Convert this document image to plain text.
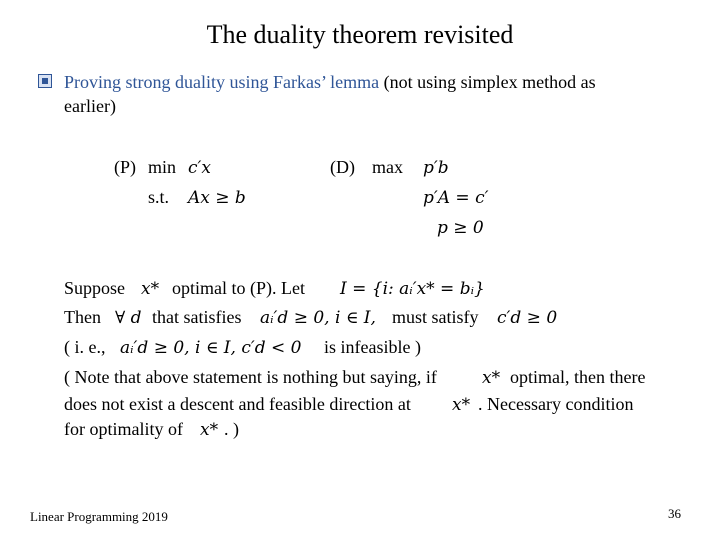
The duality theorem revisited
Proving strong duality using Farkas’ lemma (not using simplex method as
earlier)
(P) min c′x
s.t. Ax ≥ b
(D) max p′b
p′A = c′
p ≥ 0
Suppose x* optimal to (P). Let I = {i: aᵢ′x* = bᵢ}
Then ∀ d that satisfies aᵢ′d ≥ 0, i ∈ I, must satisfy c′d ≥ 0
( i. e., aᵢ′d ≥ 0, i ∈ I, c′d < 0 is infeasible )
( Note that above statement is nothing but saying, if	x* optimal, then there
does not exist a descent and feasible direction at x* . Necessary condition
for optimality of x* . )
Linear Programming 2019	36
